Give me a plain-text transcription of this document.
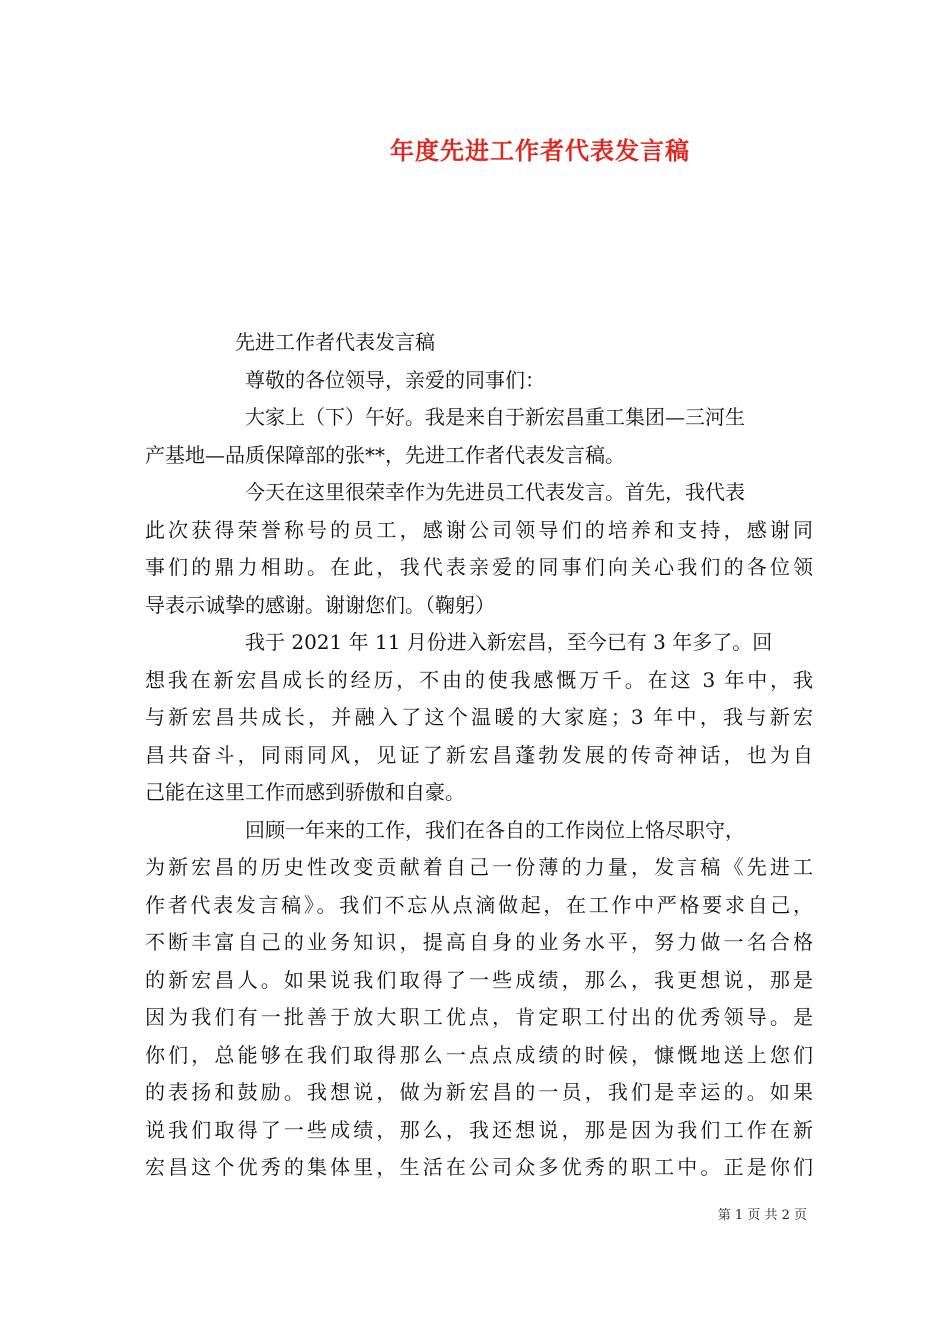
年度先进工作者代表发言稿
先进工作者代表发言稿
尊敬的各位领导，亲爱的同事们：
大家上（下）午好。我是来自于新宏昌重工集团—三河生
产基地—品质保障部的张**，先进工作者代表发言稿。
今天在这里很荣幸作为先进员工代表发言。首先，我代表
此次获得荣誉称号的员工，感谢公司领导们的培养和支持，感谢同
事们的鼎力相助。在此，我代表亲爱的同事们向关心我们的各位领
导表示诚挚的感谢。谢谢您们。（鞠躬）
我于 2021 年 11 月份进入新宏昌，至今已有 3 年多了。回
想我在新宏昌成长的经历，不由的使我感慨万千。在这 3 年中，我
与新宏昌共成长，并融入了这个温暖的大家庭；3 年中，我与新宏
昌共奋斗，同雨同风，见证了新宏昌蓬勃发展的传奇神话，也为自
己能在这里工作而感到骄傲和自豪。
回顾一年来的工作，我们在各自的工作岗位上恪尽职守，
为新宏昌的历史性改变贡献着自己一份薄的力量，发言稿《先进工
作者代表发言稿》。我们不忘从点滴做起，在工作中严格要求自己，
不断丰富自己的业务知识，提高自身的业务水平，努力做一名合格
的新宏昌人。如果说我们取得了一些成绩，那么，我更想说，那是
因为我们有一批善于放大职工优点，肯定职工付出的优秀领导。是
你们，总能够在我们取得那么一点点成绩的时候，慷慨地送上您们
的表扬和鼓励。我想说，做为新宏昌的一员，我们是幸运的。如果
说我们取得了一些成绩，那么，我还想说，那是因为我们工作在新
宏昌这个优秀的集体里，生活在公司众多优秀的职工中。正是你们
第 1 页 共 2 页
